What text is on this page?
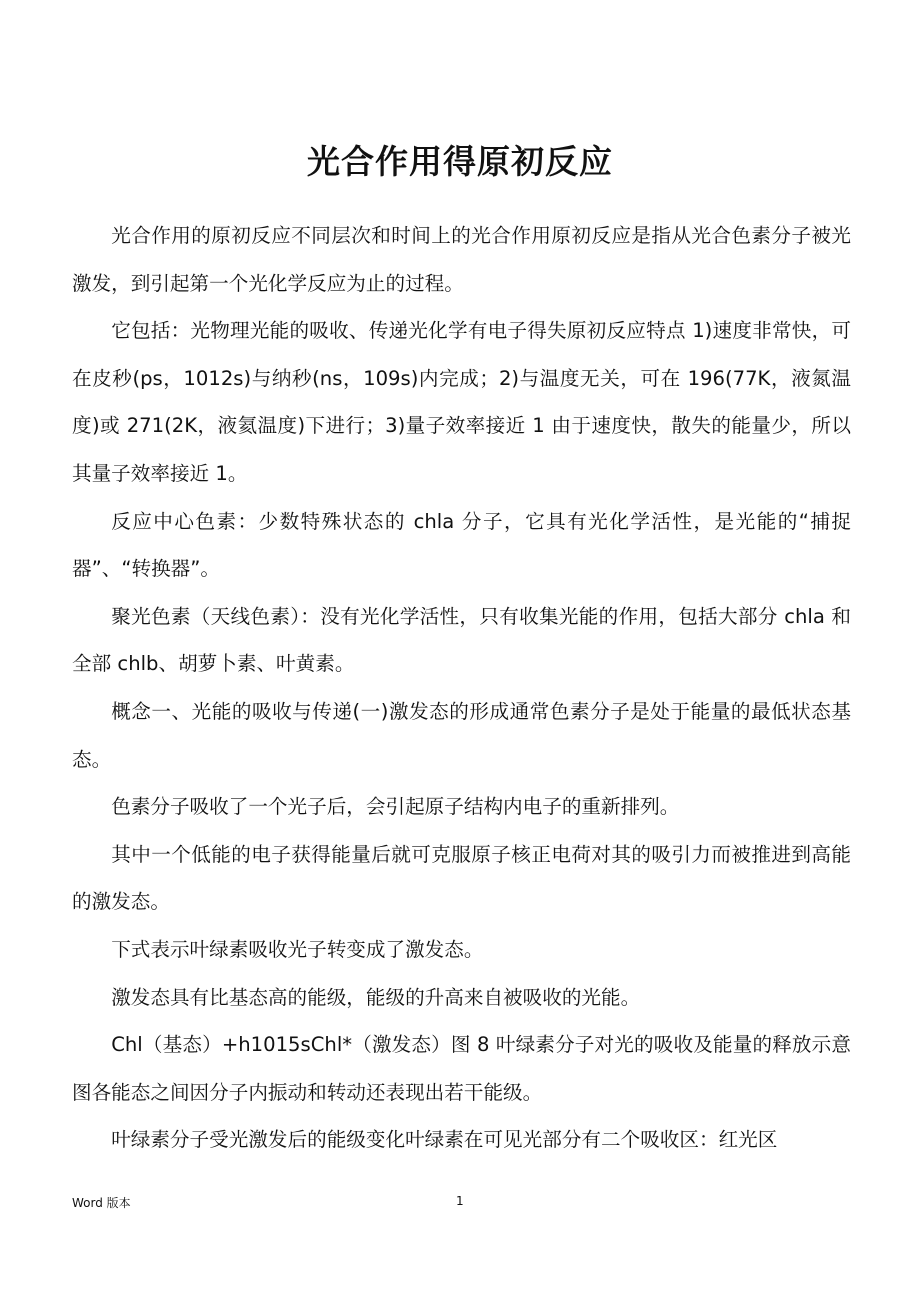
光合作用得原初反应

光合作用的原初反应不同层次和时间上的光合作用原初反应是指从光合色素分子被光激发，到引起第一个光化学反应为止的过程。

它包括：光物理光能的吸收、传递光化学有电子得失原初反应特点 1)速度非常快，可在皮秒(ps，1012s)与纳秒(ns，109s)内完成；2)与温度无关，可在 196(77K，液氮温度)或 271(2K，液氦温度)下进行；3)量子效率接近 1 由于速度快，散失的能量少，所以其量子效率接近 1。

反应中心色素：少数特殊状态的 chla 分子，它具有光化学活性，是光能的“捕捉器”、“转换器”。

聚光色素（天线色素）：没有光化学活性，只有收集光能的作用，包括大部分 chla 和全部 chlb、胡萝卜素、叶黄素。

概念一、光能的吸收与传递(一)激发态的形成通常色素分子是处于能量的最低状态基态。

色素分子吸收了一个光子后，会引起原子结构内电子的重新排列。

其中一个低能的电子获得能量后就可克服原子核正电荷对其的吸引力而被推进到高能的激发态。

下式表示叶绿素吸收光子转变成了激发态。

激发态具有比基态高的能级，能级的升高来自被吸收的光能。

Chl（基态）+h1015sChl*（激发态）图 8 叶绿素分子对光的吸收及能量的释放示意图各能态之间因分子内振动和转动还表现出若干能级。

叶绿素分子受光激发后的能级变化叶绿素在可见光部分有二个吸收区：红光区

Word 版本	1
